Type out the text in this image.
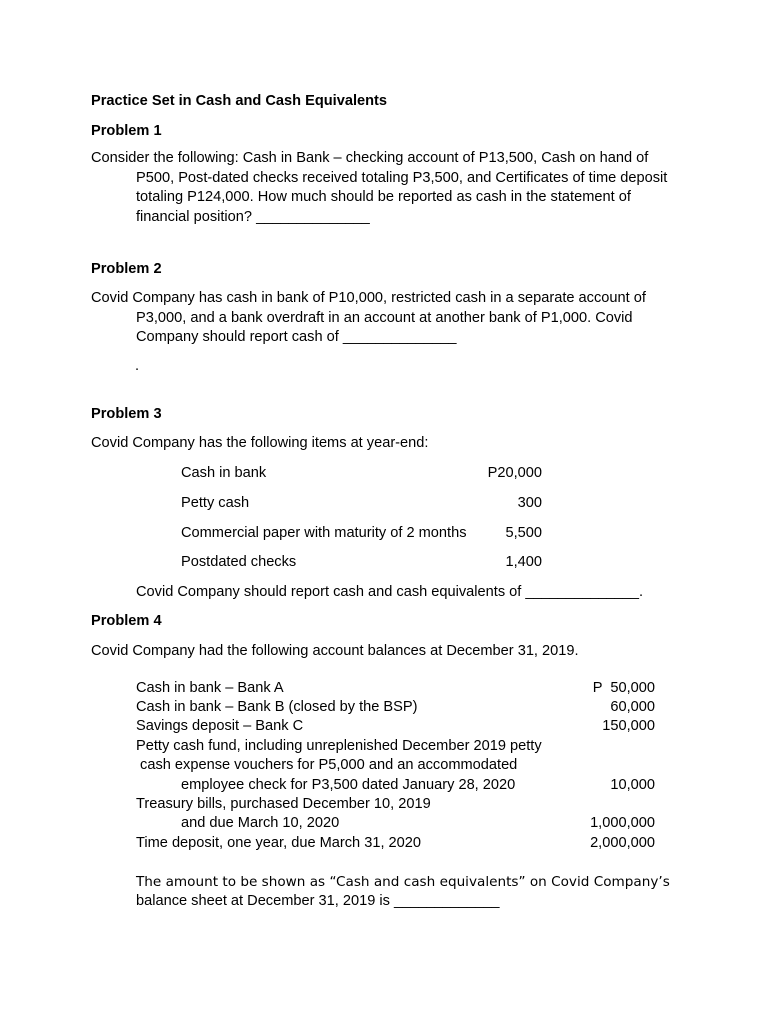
Practice Set in Cash and Cash Equivalents
Problem 1
Consider the following: Cash in Bank – checking account of P13,500, Cash on hand of
P500, Post-dated checks received totaling P3,500, and Certificates of time deposit
totaling P124,000. How much should be reported as cash in the statement of
financial position? ______________
Problem 2
Covid Company has cash in bank of P10,000, restricted cash in a separate account of
P3,000, and a bank overdraft in an account at another bank of P1,000. Covid
Company should report cash of ______________
.
Problem 3
Covid Company has the following items at year-end:
Cash in bank	P20,000
Petty cash	300
Commercial paper with maturity of 2 months	5,500
Postdated checks	1,400
Covid Company should report cash and cash equivalents of ______________.
Problem 4
Covid Company had the following account balances at December 31, 2019.
Cash in bank – Bank A	P  50,000
Cash in bank – Bank B (closed by the BSP)	60,000
Savings deposit – Bank C	150,000
Petty cash fund, including unreplenished December 2019 petty
cash expense vouchers for P5,000 and an accommodated
employee check for P3,500 dated January 28, 2020	10,000
Treasury bills, purchased December 10, 2019
and due March 10, 2020	1,000,000
Time deposit, one year, due March 31, 2020	2,000,000
The amount to be shown as “Cash and cash equivalents” on Covid Company’s
balance sheet at December 31, 2019 is _____________
